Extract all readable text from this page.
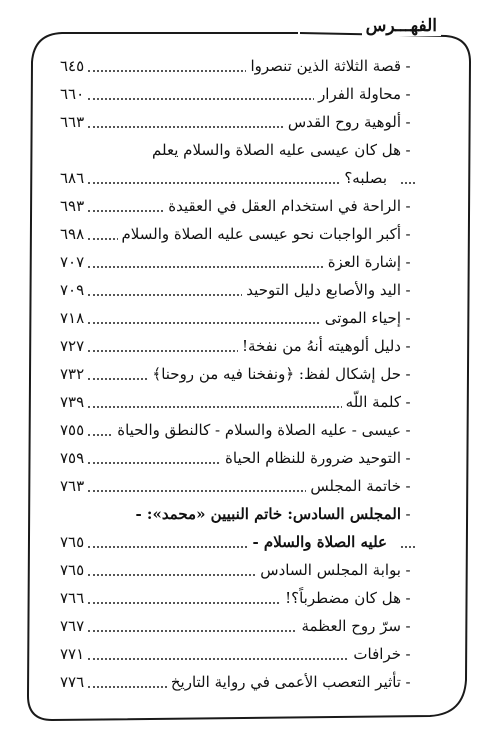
الفهـــرس
-قصة الثلاثة الذين تنصروا
٦٤٥
-محاولة الفرار
٦٦٠
-ألوهية روح القدس
٦٦٣
-هل كان عيسى عليه الصلاة والسلام يعلم
بصلبه؟
٦٨٦
-الراحة في استخدام العقل في العقيدة
٦٩٣
-أكبر الواجبات نحو عيسى عليه الصلاة والسلام
٦٩٨
-إشارة العزة
٧٠٧
-اليد والأصابع دليل التوحيد
٧٠٩
-إحياء الموتى
٧١٨
-دليل ألوهيته أنهُ من نفخة!
٧٢٧
-حل إشكال لفظ: ﴿ونفخنا فيه من روحنا﴾
٧٣٢
-كلمة اللّه
٧٣٩
-عيسى - عليه الصلاة والسلام - كالنطق والحياة
٧٥٥
-التوحيد ضرورة للنظام الحياة
٧٥٩
-خاتمة المجلس
٧٦٣
-المجلس السادس: خاتم النبيين «محمد»: -
عليه الصلاة والسلام -
٧٦٥
-بوابة المجلس السادس
٧٦٥
-هل كان مضطرباً؟!
٧٦٦
-سرّ روح العظمة
٧٦٧
-خرافات
٧٧١
-تأثير التعصب الأعمى في رواية التاريخ
٧٧٦
